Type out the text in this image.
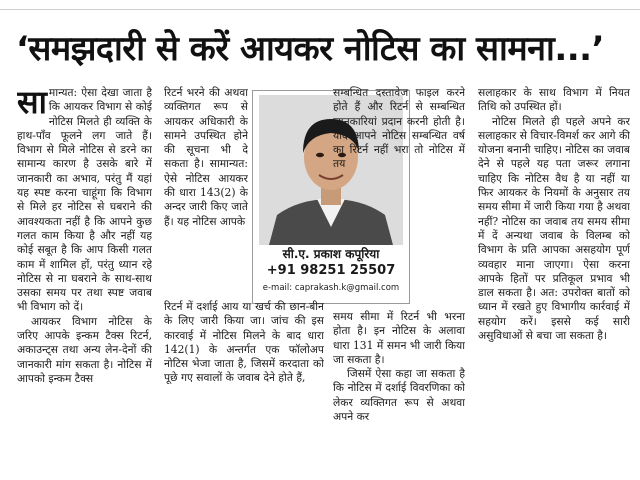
‘समझदारी से करें आयकर नोटिस का सामना...’

सामान्यत: ऐसा देखा जाता है कि आयकर विभाग से कोई नोटिस मिलते ही व्यक्ति के हाथ-पाँव फूलने लग जाते हैं। विभाग से मिले नोटिस से डरने का सामान्य कारण है उसके बारे में जानकारी का अभाव, परंतु मैं यहां यह स्पष्ट करना चाहूंगा कि विभाग से मिले हर नोटिस से घबराने की आवश्यकता नहीं है कि आपने कुछ गलत काम किया है और नहीं यह कोई सबूत है कि आप किसी गलत काम में शामिल हों, परंतु ध्यान रहे नोटिस से ना घबराने के साथ-साथ उसका समय पर तथा स्पष्ट जवाब भी विभाग को दें।

आयकर विभाग नोटिस के जरिए आपके इन्कम टैक्स रिटर्न, अकाउन्ट्स तथा अन्य लेन-देनों की जानकारी मांग सकता है। नोटिस में आपको इन्कम टैक्स

रिटर्न भरने की अथवा व्यक्तिगत रूप से आयकर अधिकारी के सामने उपस्थित होने की सूचना भी दे सकता है। सामान्यत: ऐसे नोटिस आयकर की धारा 143(2) के अन्दर जारी किए जाते हैं। यह नोटिस आपके

सी.ए. प्रकाश कपूरिया
+91 98251 25507
e-mail: caprakash.k@gmail.com

रिटर्न में दर्शाई आय या खर्च की छान-बीन के लिए जारी किया जा। जांच की इस कारवाई में नोटिस मिलने के बाद धारा 142(1) के अन्तर्गत एक फॉलोअप नोटिस भेजा जाता है, जिसमें करदाता को पूछे गए सवालों के जवाब देने होते हैं,

सम्बन्धित दस्तावेज फाइल करने होते हैं और रिटर्न से सम्बन्धित जानकारियां प्रदान करनी होती है। यदि आपने नोटिस सम्बन्धित वर्ष का रिटर्न नहीं भरा तो नोटिस में तय

समय सीमा में रिटर्न भी भरना होता है। इन नोटिस के अलावा धारा 131 में समन भी जारी किया जा सकता है।

जिसमें ऐसा कहा जा सकता है कि नोटिस में दर्शाई विवरणिका को लेकर व्यक्तिगत रूप से अथवा अपने कर

सलाहकार के साथ विभाग में नियत तिथि को उपस्थित हों।

नोटिस मिलते ही पहले अपने कर सलाहकार से विचार-विमर्श कर आगे की योजना बनानी चाहिए। नोटिस का जवाब देने से पहले यह पता जरूर लगाना चाहिए कि नोटिस वैध है या नहीं या फिर आयकर के नियमों के अनुसार तय समय सीमा में जारी किया गया है अथवा नहीं? नोटिस का जवाब तय समय सीमा में दें अन्यथा जवाब के विलम्ब को विभाग के प्रति आपका असहयोग पूर्ण व्यवहार माना जाएगा। ऐसा करना आपके हितों पर प्रतिकूल प्रभाव भी डाल सकता है। अत: उपरोक्त बातों को ध्यान में रखते हुए विभागीय कार्रवाई में सहयोग करें। इससे कई सारी असुविधाओं से बचा जा सकता है।
